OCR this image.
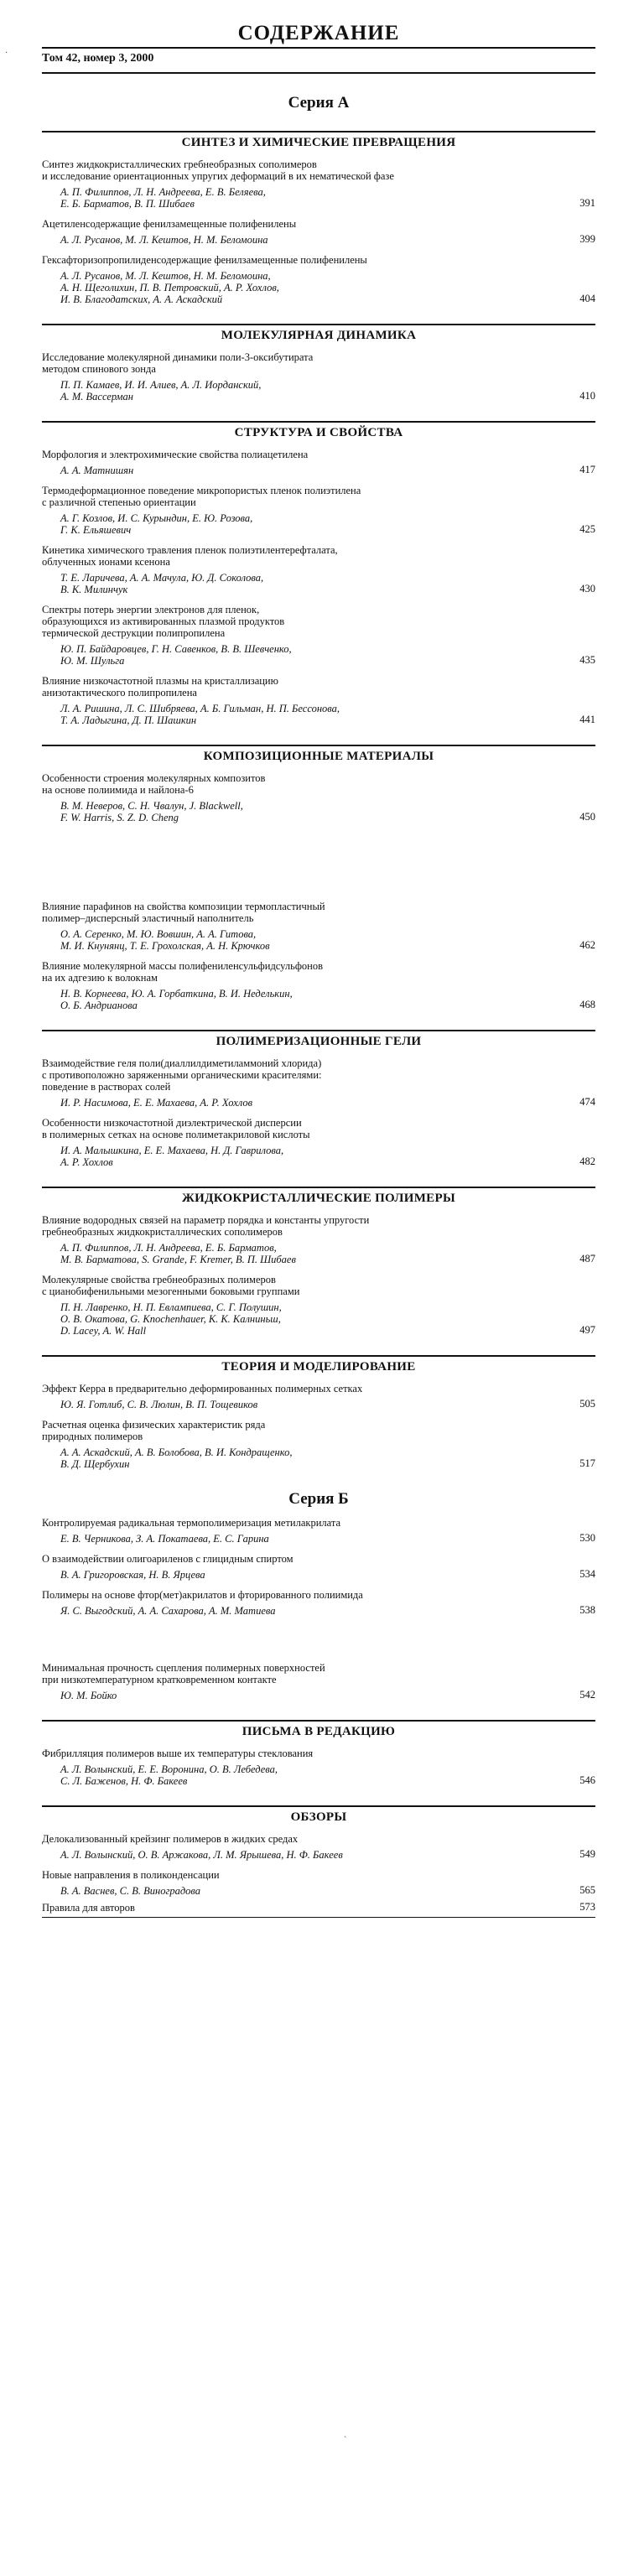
·
`
СОДЕРЖАНИЕ
Том 42, номер 3, 2000
Серия А
СИНТЕЗ И ХИМИЧЕСКИЕ ПРЕВРАЩЕНИЯ
Синтез жидкокристаллических гребнеобразных сополимеров
и исследование ориентационных упругих деформаций в их нематической фазе
А. П. Филиппов, Л. Н. Андреева, Е. В. Беляева,
Е. Б. Барматов, В. П. Шибаев	391
Ацетиленсодержащие фенилзамещенные полифенилены
А. Л. Русанов, М. Л. Кештов, Н. М. Беломоина	399
Гексафторизопропилиденсодержащие фенилзамещенные полифенилены
А. Л. Русанов, М. Л. Кештов, Н. М. Беломоина,
А. Н. Щеголихин, П. В. Петровский, А. Р. Хохлов,
И. В. Благодатских, А. А. Аскадский	404
МОЛЕКУЛЯРНАЯ ДИНАМИКА
Исследование молекулярной динамики поли-3-оксибутирата
методом спинового зонда
П. П. Камаев, И. И. Алиев, А. Л. Иорданский,
А. М. Вассерман	410
СТРУКТУРА И СВОЙСТВА
Морфология и электрохимические свойства полиацетилена
А. А. Матнишян	417
Термодеформационное поведение микропористых пленок полиэтилена
с различной степенью ориентации
А. Г. Козлов, И. С. Курындин, Е. Ю. Розова,
Г. К. Ельяшевич	425
Кинетика химического травления пленок полиэтилентерефталата,
облученных ионами ксенона
Т. Е. Ларичева, А. А. Мачула, Ю. Д. Соколова,
В. К. Милинчук	430
Спектры потерь энергии электронов для пленок,
образующихся из активированных плазмой продуктов
термической деструкции полипропилена
Ю. П. Байдаровцев, Г. Н. Савенков, В. В. Шевченко,
Ю. М. Шульга	435
Влияние низкочастотной плазмы на кристаллизацию
анизотактического полипропилена
Л. А. Ришина, Л. С. Шибряева, А. Б. Гильман, Н. П. Бессонова,
Т. А. Ладыгина, Д. П. Шашкин	441
КОМПОЗИЦИОННЫЕ МАТЕРИАЛЫ
Особенности строения молекулярных композитов
на основе полиимида и найлона-6
В. М. Неверов, С. Н. Чвалун, J. Blackwell,
F. W. Harris, S. Z. D. Cheng	450
Влияние парафинов на свойства композиции термопластичный
полимер–дисперсный эластичный наполнитель
О. А. Серенко, М. Ю. Вовшин, А. А. Гитова,
М. И. Кнунянц, Т. Е. Грохолская, А. Н. Крючков	462
Влияние молекулярной массы полифениленсульфидсульфонов
на их адгезию к волокнам
Н. В. Корнеева, Ю. А. Горбаткина, В. И. Неделькин,
О. Б. Андрианова	468
ПОЛИМЕРИЗАЦИОННЫЕ ГЕЛИ
Взаимодействие геля поли(диаллилдиметиламмоний хлорида)
с противоположно заряженными органическими красителями:
поведение в растворах солей
И. Р. Насимова, Е. Е. Махаева, А. Р. Хохлов	474
Особенности низкочастотной диэлектрической дисперсии
в полимерных сетках на основе полиметакриловой кислоты
И. А. Малышкина, Е. Е. Махаева, Н. Д. Гаврилова,
А. Р. Хохлов	482
ЖИДКОКРИСТАЛЛИЧЕСКИЕ ПОЛИМЕРЫ
Влияние водородных связей на параметр порядка и константы упругости
гребнеобразных жидкокристаллических сополимеров
А. П. Филиппов, Л. Н. Андреева, Е. Б. Барматов,
М. В. Барматова, S. Grande, F. Kremer, В. П. Шибаев	487
Молекулярные свойства гребнеобразных полимеров
с цианобифенильными мезогенными боковыми группами
П. Н. Лавренко, Н. П. Евлампиева, С. Г. Полушин,
О. В. Окатова, G. Knochenhauer, К. К. Калниньш,
D. Lacey, A. W. Hall	497
ТЕОРИЯ И МОДЕЛИРОВАНИЕ
Эффект Керра в предварительно деформированных полимерных сетках
Ю. Я. Готлиб, С. В. Люлин, В. П. Тощевиков	505
Расчетная оценка физических характеристик ряда
природных полимеров
А. А. Аскадский, А. В. Болобова, В. И. Кондращенко,
В. Д. Щербухин	517
Серия Б
Контролируемая радикальная термополимеризация метилакрилата
Е. В. Черникова, З. А. Покатаева, Е. С. Гарина	530
О взаимодействии олигоариленов с глицидным спиртом
В. А. Григоровская, Н. В. Ярцева	534
Полимеры на основе фтор(мет)акрилатов и фторированного полиимида
Я. С. Выгодский, А. А. Сахарова, А. М. Матиева	538
Минимальная прочность сцепления полимерных поверхностей
при низкотемпературном кратковременном контакте
Ю. М. Бойко	542
ПИСЬМА В РЕДАКЦИЮ
Фибрилляция полимеров выше их температуры стеклования
А. Л. Волынский, Е. Е. Воронина, О. В. Лебедева,
С. Л. Баженов, Н. Ф. Бакеев	546
ОБЗОРЫ
Делокализованный крейзинг полимеров в жидких средах
А. Л. Волынский, О. В. Аржакова, Л. М. Ярышева, Н. Ф. Бакеев	549
Новые направления в поликонденсации
В. А. Васнев, С. В. Виноградова	565
Правила для авторов	573
